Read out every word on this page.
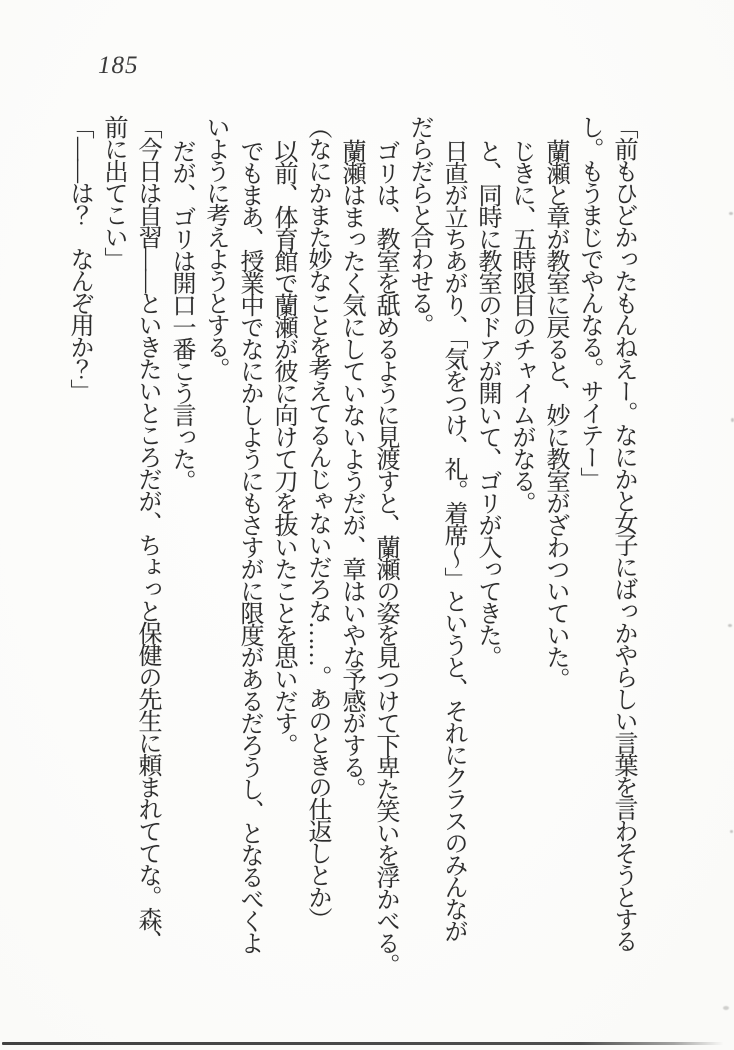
185

「前もひどかったもんねえー。なにかと女子にばっかやらしい言葉を言わそうとする

し。もうまじでやんなる。サイテー」

蘭瀬と章が教室に戻ると、妙に教室がざわついていた。

じきに、五時限目のチャイムがなる。

と、同時に教室のドアが開いて、ゴリが入ってきた。

日直が立ちあがり、「気をつけ、礼。着席〜」というと、それにクラスのみんなが

だらだらと合わせる。

ゴリは、教室を舐めるように見渡すと、蘭瀬の姿を見つけて下卑た笑いを浮かべる。

蘭瀬はまったく気にしていないようだが、章はいやな予感がする。

（なにかまた妙なことを考えてるんじゃないだろな……。あのときの仕返しとか）

以前、体育館で蘭瀬が彼に向けて刀を抜いたことを思いだす。

でもまあ、授業中でなにかしようにもさすがに限度があるだろうし、となるべくよ

いように考えようとする。

だが、ゴリは開口一番こう言った。

「今日は自習――といきたいところだが、ちょっと保健の先生に頼まれててな。森、

前に出てこい」

「――は？　なんぞ用か？」
